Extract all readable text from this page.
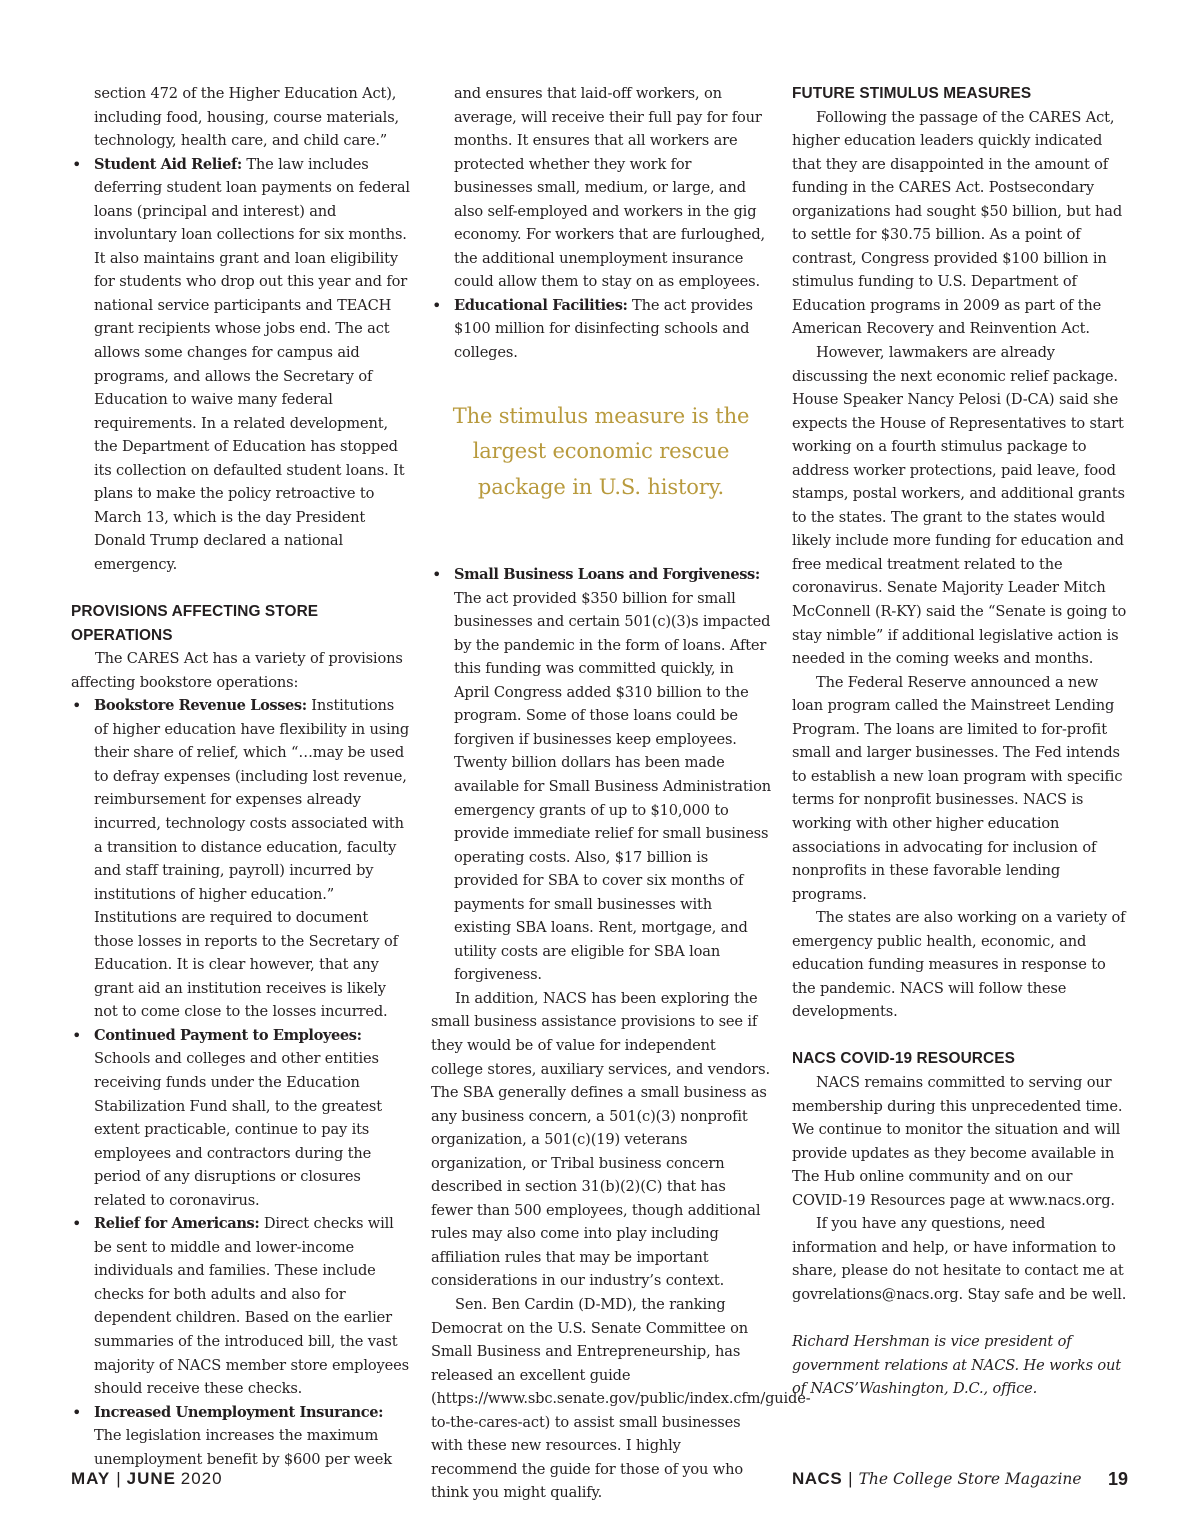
section 472 of the Higher Education Act), including food, housing, course materials, technology, health care, and child care.”

• Student Aid Relief: The law includes deferring student loan payments on federal loans (principal and interest) and involuntary loan collections for six months. It also maintains grant and loan eligibility for students who drop out this year and for national service participants and TEACH grant recipients whose jobs end. The act allows some changes for campus aid programs, and allows the Secretary of Education to waive many federal requirements. In a related development, the Department of Education has stopped its collection on defaulted student loans. It plans to make the policy retroactive to March 13, which is the day President Donald Trump declared a national emergency.
PROVISIONS AFFECTING STORE OPERATIONS

The CARES Act has a variety of provisions affecting bookstore operations:

• Bookstore Revenue Losses: Institutions of higher education have flexibility in using their share of relief, which “…may be used to defray expenses (including lost revenue, reimbursement for expenses already incurred, technology costs associated with a transition to distance education, faculty and staff training, payroll) incurred by institutions of higher education.” Institutions are required to document those losses in reports to the Secretary of Education. It is clear however, that any grant aid an institution receives is likely not to come close to the losses incurred.
• Continued Payment to Employees: Schools and colleges and other entities receiving funds under the Education Stabilization Fund shall, to the greatest extent practicable, continue to pay its employees and contractors during the period of any disruptions or closures related to coronavirus.
• Relief for Americans: Direct checks will be sent to middle and lower-income individuals and families. These include checks for both adults and also for dependent children. Based on the earlier summaries of the introduced bill, the vast majority of NACS member store employees should receive these checks.
• Increased Unemployment Insurance: The legislation increases the maximum unemployment benefit by $600 per week

and ensures that laid-off workers, on average, will receive their full pay for four months. It ensures that all workers are protected whether they work for businesses small, medium, or large, and also self-employed and workers in the gig economy. For workers that are furloughed, the additional unemployment insurance could allow them to stay on as employees.

• Educational Facilities: The act provides $100 million for disinfecting schools and colleges.

The stimulus measure is the largest economic rescue package in U.S. history.

• Small Business Loans and Forgiveness: The act provided $350 billion for small businesses and certain 501(c)(3)s impacted by the pandemic in the form of loans. After this funding was committed quickly, in April Congress added $310 billion to the program. Some of those loans could be forgiven if businesses keep employees. Twenty billion dollars has been made available for Small Business Administration emergency grants of up to $10,000 to provide immediate relief for small business operating costs. Also, $17 billion is provided for SBA to cover six months of payments for small businesses with existing SBA loans. Rent, mortgage, and utility costs are eligible for SBA loan forgiveness.

In addition, NACS has been exploring the small business assistance provisions to see if they would be of value for independent college stores, auxiliary services, and vendors. The SBA generally defines a small business as any business concern, a 501(c)(3) nonprofit organization, a 501(c)(19) veterans organization, or Tribal business concern described in section 31(b)(2)(C) that has fewer than 500 employees, though additional rules may also come into play including affiliation rules that may be important considerations in our industry’s context.

Sen. Ben Cardin (D-MD), the ranking Democrat on the U.S. Senate Committee on Small Business and Entrepreneurship, has released an excellent guide (https://www.sbc.senate.gov/public/index.cfm/guide-to-the-cares-act) to assist small businesses with these new resources. I highly recommend the guide for those of you who think you might qualify.

FUTURE STIMULUS MEASURES

Following the passage of the CARES Act, higher education leaders quickly indicated that they are disappointed in the amount of funding in the CARES Act. Postsecondary organizations had sought $50 billion, but had to settle for $30.75 billion. As a point of contrast, Congress provided $100 billion in stimulus funding to U.S. Department of Education programs in 2009 as part of the American Recovery and Reinvention Act.

However, lawmakers are already discussing the next economic relief package. House Speaker Nancy Pelosi (D-CA) said she expects the House of Representatives to start working on a fourth stimulus package to address worker protections, paid leave, food stamps, postal workers, and additional grants to the states. The grant to the states would likely include more funding for education and free medical treatment related to the coronavirus. Senate Majority Leader Mitch McConnell (R-KY) said the “Senate is going to stay nimble” if additional legislative action is needed in the coming weeks and months.

The Federal Reserve announced a new loan program called the Mainstreet Lending Program. The loans are limited to for-profit small and larger businesses. The Fed intends to establish a new loan program with specific terms for nonprofit businesses. NACS is working with other higher education associations in advocating for inclusion of nonprofits in these favorable lending programs.

The states are also working on a variety of emergency public health, economic, and education funding measures in response to the pandemic. NACS will follow these developments.

NACS COVID-19 RESOURCES

NACS remains committed to serving our membership during this unprecedented time. We continue to monitor the situation and will provide updates as they become available in The Hub online community and on our COVID-19 Resources page at www.nacs.org.

If you have any questions, need information and help, or have information to share, please do not hesitate to contact me at govrelations@nacs.org. Stay safe and be well.

Richard Hershman is vice president of government relations at NACS. He works out of NACS’Washington, D.C., office.

MAY | JUNE 2020	NACS | The College Store Magazine 19
